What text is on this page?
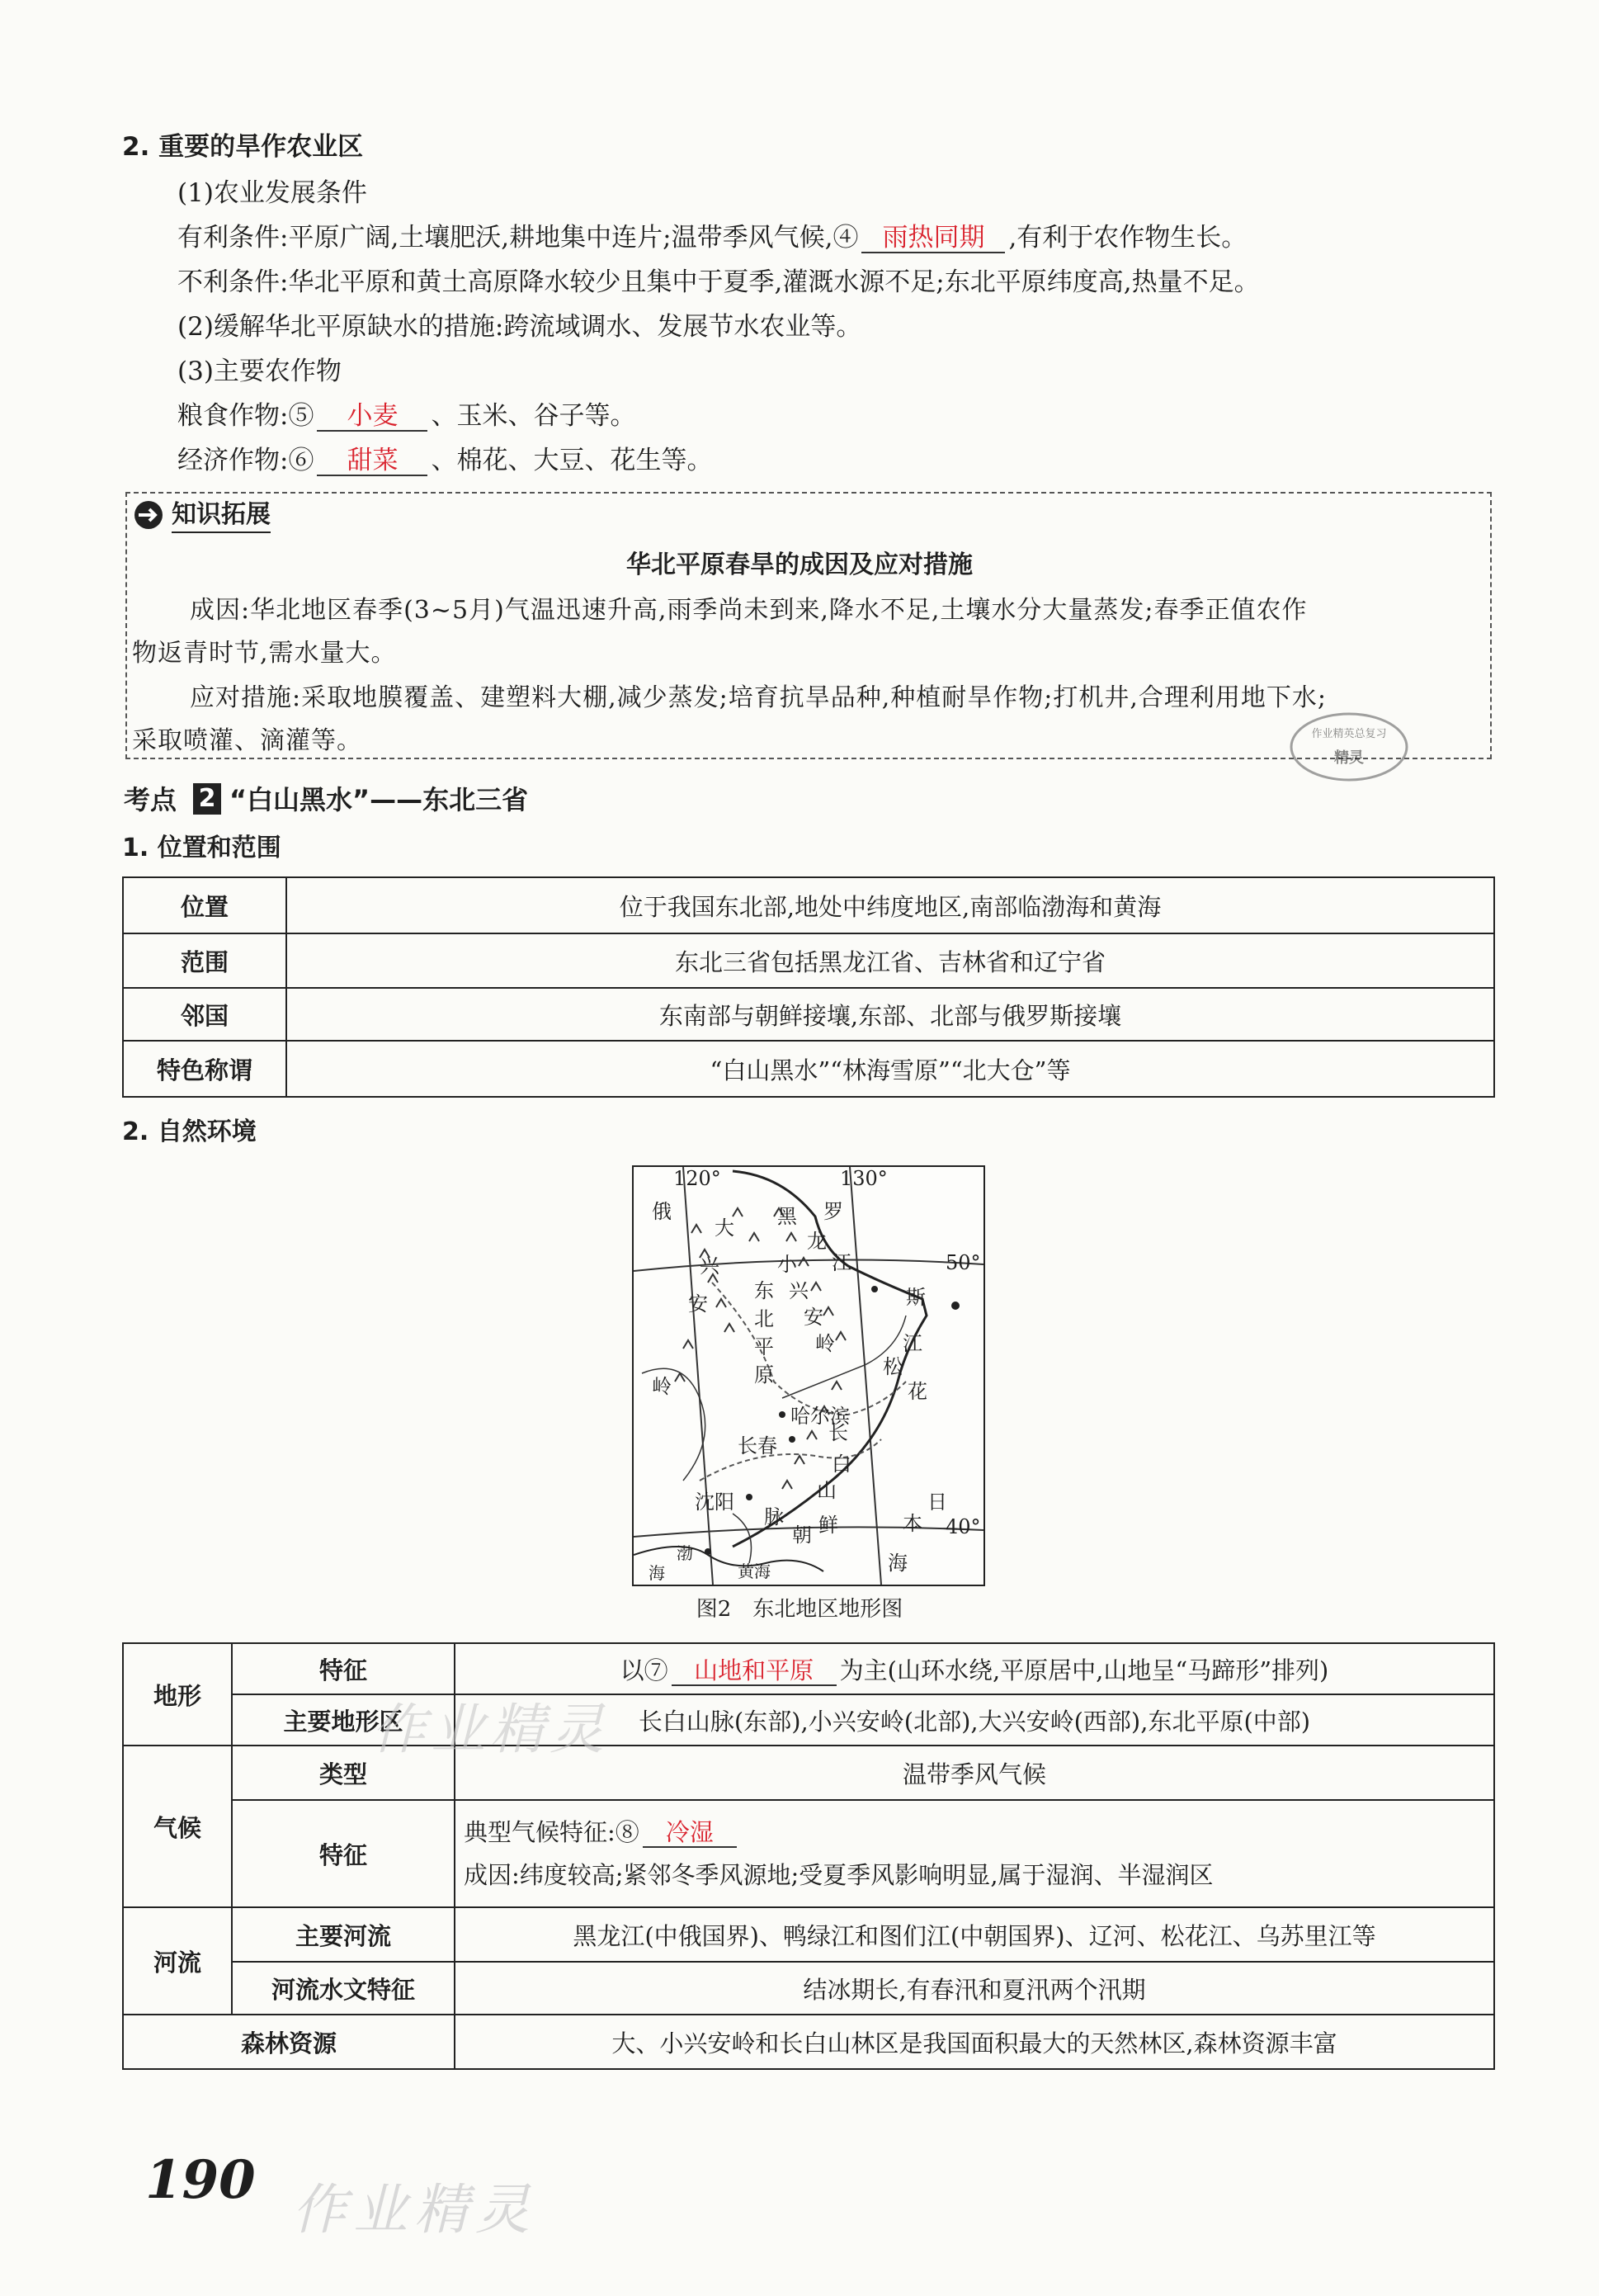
2. 重要的旱作农业区
(1)农业发展条件
有利条件:平原广阔,土壤肥沃,耕地集中连片;温带季风气候,④ 雨热同期 ,有利于农作物生长。
不利条件:华北平原和黄土高原降水较少且集中于夏季,灌溉水源不足;东北平原纬度高,热量不足。
(2)缓解华北平原缺水的措施:跨流域调水、发展节水农业等。
(3)主要农作物
粮食作物:⑤ 小麦 、玉米、谷子等。
经济作物:⑥ 甜菜 、棉花、大豆、花生等。
知识拓展
华北平原春旱的成因及应对措施
成因:华北地区春季(3~5月)气温迅速升高,雨季尚未到来,降水不足,土壤水分大量蒸发;春季正值农作
物返青时节,需水量大。
应对措施:采取地膜覆盖、建塑料大棚,减少蒸发;培育抗旱品种,种植耐旱作物;打机井,合理利用地下水;
采取喷灌、滴灌等。	作业精英总复习
精灵
考点 2 “白山黑水”——东北三省
1. 位置和范围
位置	位于我国东北部,地处中纬度地区,南部临渤海和黄海
范围	东北三省包括黑龙江省、吉林省和辽宁省
邻国	东南部与朝鲜接壤,东部、北部与俄罗斯接壤
特色称谓	“白山黑水”“林海雪原”“北大仓”等
2. 自然环境
120°	130°
50°
40°
俄	罗
斯
大
兴
安
岭
小
兴
安
岭
东
北
平
原
黑
龙
江
松
花
江
哈尔滨
长春
沈阳
长
白
山
脉
朝 鲜
日
本
海
渤
海	黄海
图2　东北地区地形图
地形	特征	以⑦ 山地和平原 为主(山环水绕,平原居中,山地呈“马蹄形”排列)
	主要地形区	长白山脉(东部),小兴安岭(北部),大兴安岭(西部),东北平原(中部)
气候	类型	温带季风气候
	特征	典型气候特征:⑧ 冷湿
成因:纬度较高;紧邻冬季风源地;受夏季风影响明显,属于湿润、半湿润区

河流	主要河流	黑龙江(中俄国界)、鸭绿江和图们江(中朝国界)、辽河、松花江、乌苏里江等
	河流水文特征	结冰期长,有春汛和夏汛两个汛期
森林资源		大、小兴安岭和长白山林区是我国面积最大的天然林区,森林资源丰富
作业精灵
190 作业精灵
